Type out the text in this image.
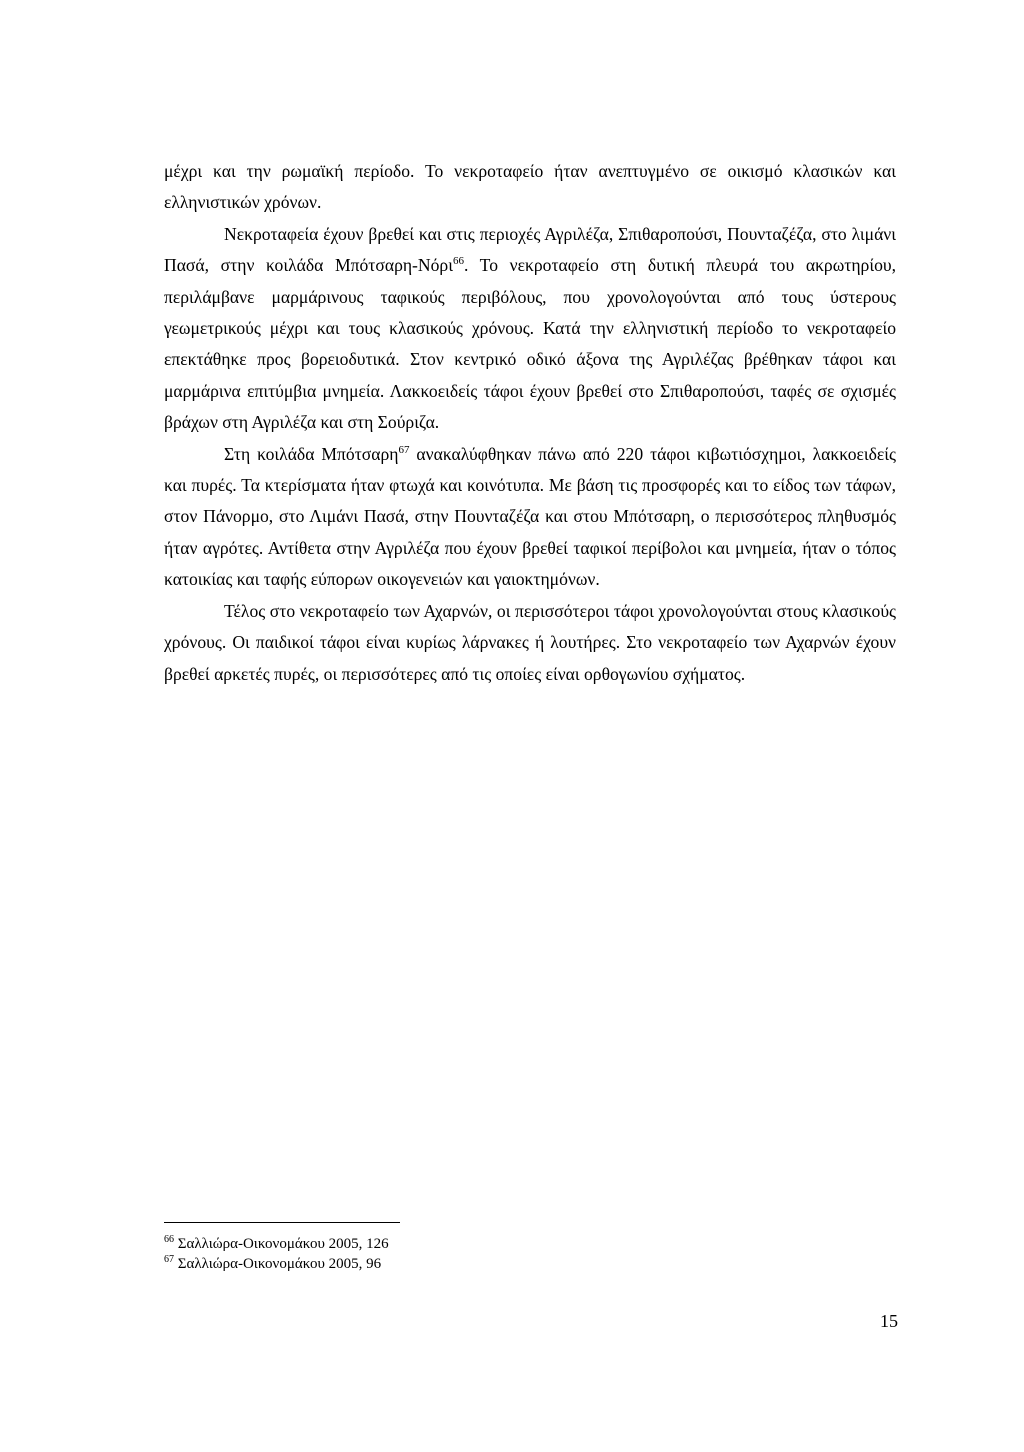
μέχρι και την ρωμαϊκή περίοδο. Το νεκροταφείο ήταν ανεπτυγμένο σε οικισμό κλασικών και ελληνιστικών χρόνων.

Νεκροταφεία έχουν βρεθεί και στις περιοχές Αγριλέζα, Σπιθαροπούσι, Πουνταζέζα, στο λιμάνι Πασά, στην κοιλάδα Μπότσαρη-Νόρι$^{66}$. Το νεκροταφείο στη δυτική πλευρά του ακρωτηρίου, περιλάμβανε μαρμάρινους ταφικούς περιβόλους, που χρονολογούνται από τους ύστερους γεωμετρικούς μέχρι και τους κλασικούς χρόνους. Κατά την ελληνιστική περίοδο το νεκροταφείο επεκτάθηκε προς βορειοδυτικά. Στον κεντρικό οδικό άξονα της Αγριλέζας βρέθηκαν τάφοι και μαρμάρινα επιτύμβια μνημεία. Λακκοειδείς τάφοι έχουν βρεθεί στο Σπιθαροπούσι, ταφές σε σχισμές βράχων στη Αγριλέζα και στη Σούριζα.

Στη κοιλάδα Μπότσαρη$^{67}$ ανακαλύφθηκαν πάνω από 220 τάφοι κιβωτιόσχημοι, λακκοειδείς και πυρές. Τα κτερίσματα ήταν φτωχά και κοινότυπα. Με βάση τις προσφορές και το είδος των τάφων, στον Πάνορμο, στο Λιμάνι Πασά, στην Πουνταζέζα και στου Μπότσαρη, ο περισσότερος πληθυσμός ήταν αγρότες. Αντίθετα στην Αγριλέζα που έχουν βρεθεί ταφικοί περίβολοι και μνημεία, ήταν ο τόπος κατοικίας και ταφής εύπορων οικογενειών και γαιοκτημόνων.

Τέλος στο νεκροταφείο των Αχαρνών, οι περισσότεροι τάφοι χρονολογούνται στους κλασικούς χρόνους. Οι παιδικοί τάφοι είναι κυρίως λάρνακες ή λουτήρες. Στο νεκροταφείο των Αχαρνών έχουν βρεθεί αρκετές πυρές, οι περισσότερες από τις οποίες είναι ορθογωνίου σχήματος.

$^{66}$ Σαλλιώρα-Οικονομάκου 2005, 126
$^{67}$ Σαλλιώρα-Οικονομάκου 2005, 96
15
